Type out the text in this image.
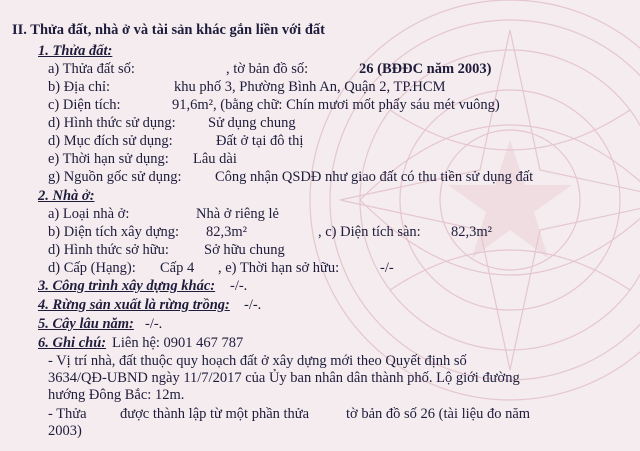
II. Thửa đất, nhà ở và tài sản khác gắn liền với đất
1. Thửa đất:
a) Thửa đất số:	, tờ bản đồ số:	26 (BĐĐC năm 2003)
b) Địa chỉ:	khu phố 3, Phường Bình An, Quận 2, TP.HCM
c) Diện tích:	91,6m², (bằng chữ: Chín mươi mốt phẩy sáu mét vuông)
d) Hình thức sử dụng: Sử dụng chung
d) Mục đích sử dụng:	Đất ở tại đô thị
e) Thời hạn sử dụng: Lâu dài
g) Nguồn gốc sử dụng: Công nhận QSDĐ như giao đất có thu tiền sử dụng đất
2. Nhà ở:
a) Loại nhà ở:	Nhà ở riêng lẻ
b) Diện tích xây dựng: 82,3m²	, c) Diện tích sàn: 82,3m²
d) Hình thức sở hữu: Sở hữu chung
d) Cấp (Hạng): Cấp 4 , e) Thời hạn sở hữu:	-/-
3. Công trình xây dựng khác: -/-.
4. Rừng sản xuất là rừng trồng: -/-.
5. Cây lâu năm: -/-.
6. Ghi chú: Liên hệ: 0901 467 787
- Vị trí nhà, đất thuộc quy hoạch đất ở xây dựng mới theo Quyết định số
3634/QĐ-UBND ngày 11/7/2017 của Ủy ban nhân dân thành phố. Lộ giới đường
hướng Đông Bắc: 12m.
- Thửa được thành lập từ một phần thửa	tờ bản đồ số 26 (tài liệu đo năm
2003)
